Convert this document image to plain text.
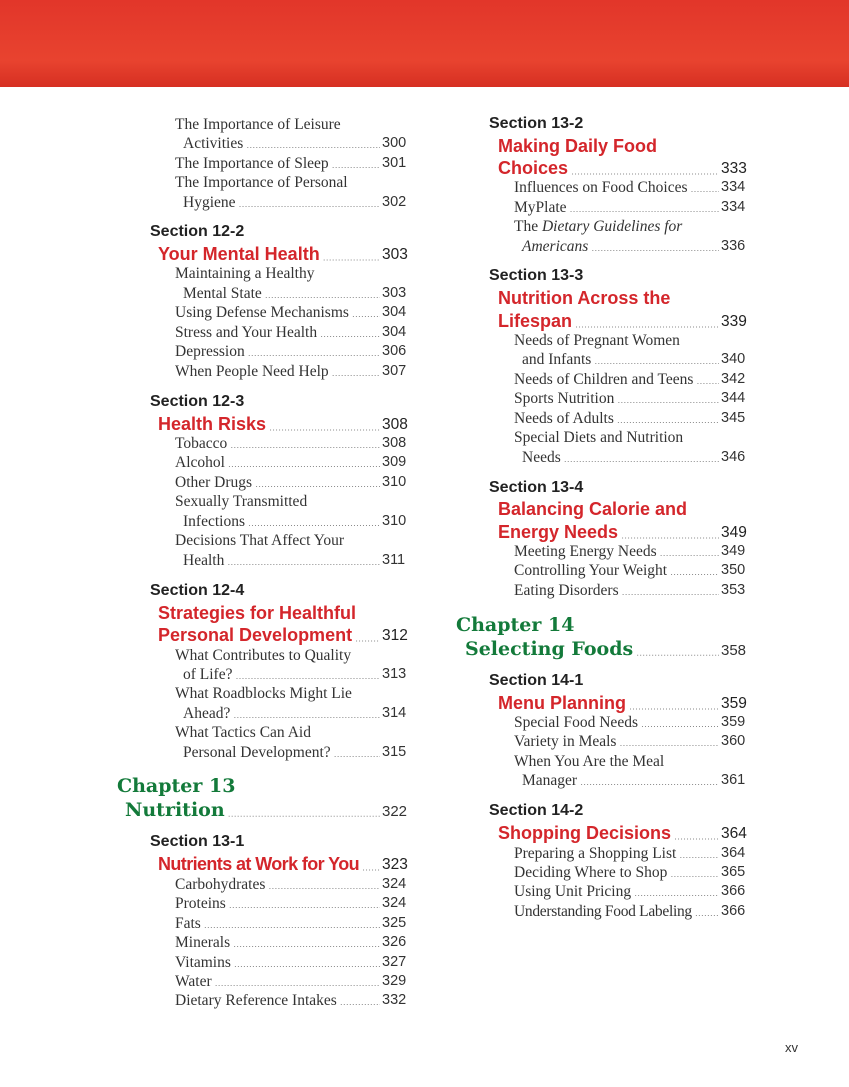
The Importance of Leisure
Activities	300
The Importance of Sleep	301
The Importance of Personal
Hygiene	302
Section 12-2
Your Mental Health	303
Maintaining a Healthy
Mental State	303
Using Defense Mechanisms 304
Stress and Your Health	304
Depression	306
When People Need Help	307
Section 12-3
Health Risks	308
Tobacco	308
Alcohol	309
Other Drugs	310
Sexually Transmitted
Infections	310
Decisions That Affect Your
Health	311
Section 12-4
Strategies for Healthful
Personal Development 312
What Contributes to Quality
of Life?	313
What Roadblocks Might Lie
Ahead?	314
What Tactics Can Aid
Personal Development?	315
Chapter 13
Nutrition	322
Section 13-1
Nutrients at Work for You 323
Carbohydrates	324
Proteins	324
Fats	325
Minerals	326
Vitamins	327
Water	329
Dietary Reference Intakes	332
Section 13-2
Making Daily Food
Choices	333
Influences on Food Choices 334
MyPlate	334
The Dietary Guidelines for
Americans	336
Section 13-3
Nutrition Across the
Lifespan	339
Needs of Pregnant Women
and Infants	340
Needs of Children and Teens 342
Sports Nutrition	344
Needs of Adults	345
Special Diets and Nutrition
Needs	346
Section 13-4
Balancing Calorie and
Energy Needs	349
Meeting Energy Needs	349
Controlling Your Weight	350
Eating Disorders	353
Chapter 14
Selecting Foods	358
Section 14-1
Menu Planning	359
Special Food Needs	359
Variety in Meals	360
When You Are the Meal
Manager	361
Section 14-2
Shopping Decisions	364
Preparing a Shopping List	364
Deciding Where to Shop	365
Using Unit Pricing	366
Understanding Food Labeling 366
xv
